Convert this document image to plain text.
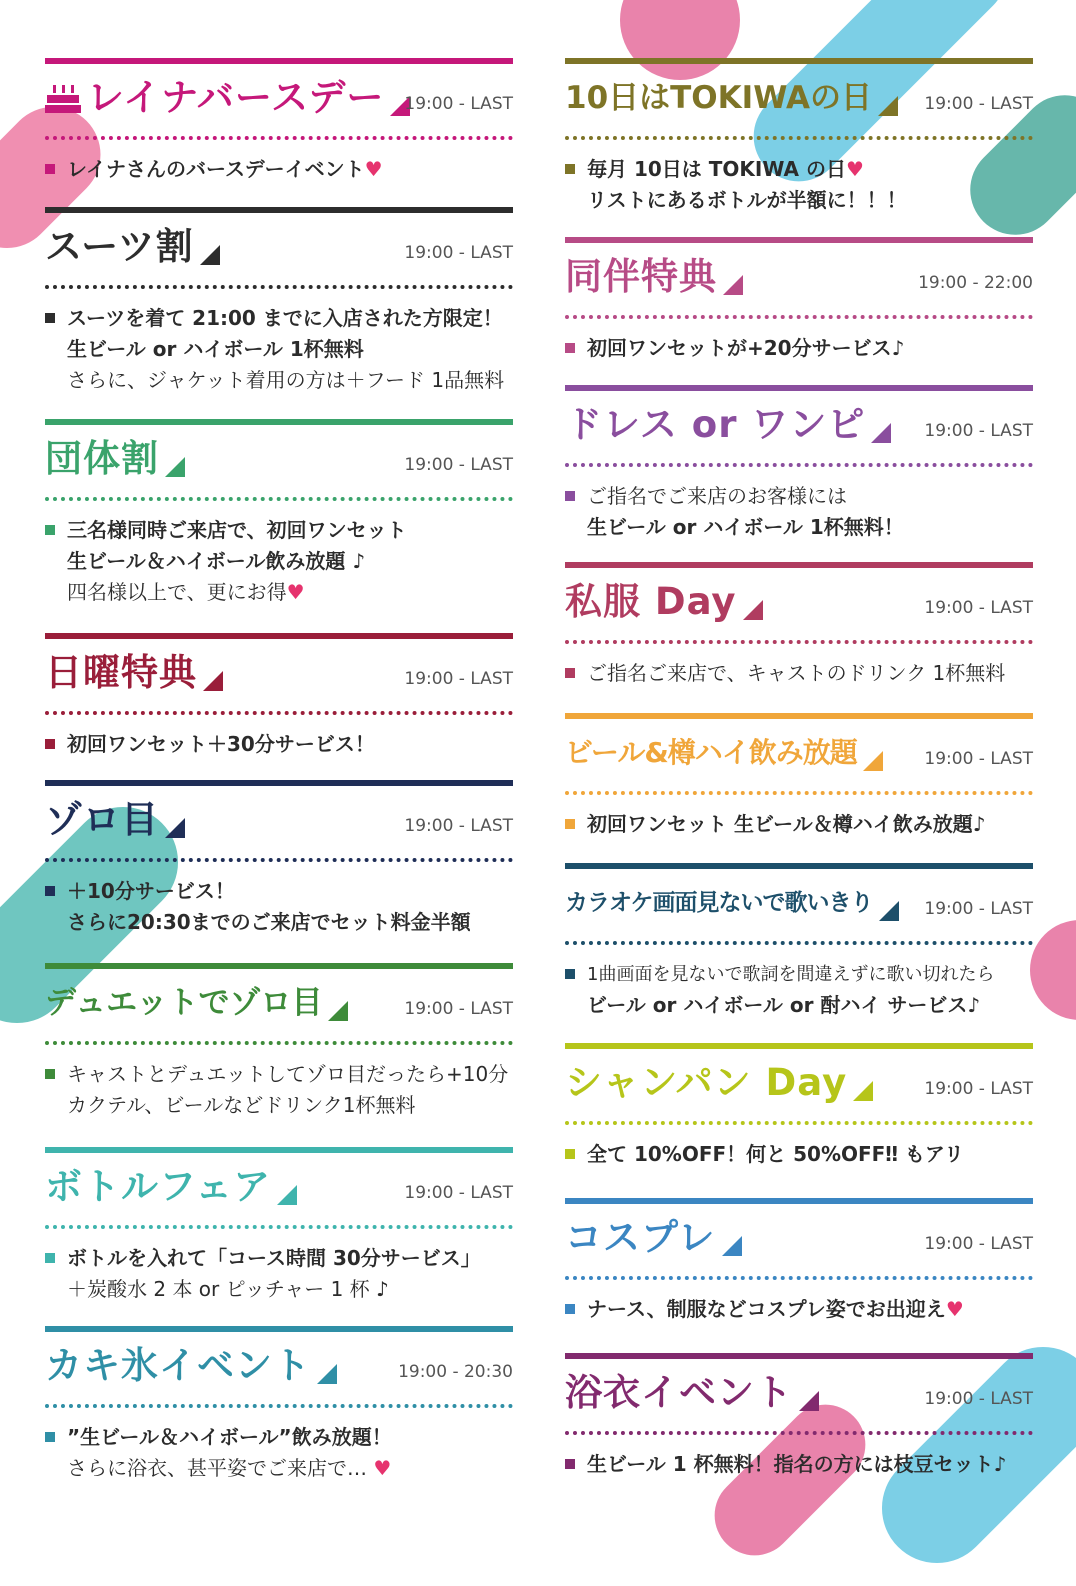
レイナバースデー 19:00 - LAST
レイナさんのバースデーイベント♥
スーツ割	19:00 - LAST
スーツを着て 21:00 までに入店された方限定！
生ビール or ハイボール 1杯無料
さらに、ジャケット着用の方は＋フード 1品無料
団体割	19:00 - LAST
三名様同時ご来店で、初回ワンセット
生ビール＆ハイボール飲み放題 ♪
四名様以上で、更にお得♥
日曜特典	19:00 - LAST
初回ワンセット＋30分サービス！
ゾロ目	19:00 - LAST
＋10分サービス！
さらに20:30までのご来店でセット料金半額
デュエットでゾロ目	19:00 - LAST
キャストとデュエットしてゾロ目だったら+10分
カクテル、ビールなどドリンク1杯無料
ボトルフェア	19:00 - LAST
ボトルを入れて「コース時間 30分サービス」
＋炭酸水 2 本 or ピッチャー 1 杯 ♪
カキ氷イベント	19:00 - 20:30
”生ビール＆ハイボール”飲み放題！
さらに浴衣、甚平姿でご来店で… ♥
10日はTOKIWAの日	19:00 - LAST
毎月 10日は TOKIWA の日♥
リストにあるボトルが半額に！！！
同伴特典	19:00 - 22:00
初回ワンセットが+20分サービス♪
ドレス or ワンピ	19:00 - LAST
ご指名でご来店のお客様には
生ビール or ハイボール 1杯無料！
私服 Day	19:00 - LAST
ご指名ご来店で、キャストのドリンク 1杯無料
ビール&樽ハイ飲み放題	19:00 - LAST
初回ワンセット 生ビール＆樽ハイ飲み放題♪
カラオケ画面見ないで歌いきり	19:00 - LAST
1曲画面を見ないで歌詞を間違えずに歌い切れたら
ビール or ハイボール or 酎ハイ サービス♪
シャンパン Day	19:00 - LAST
全て 10%OFF！何と 50%OFF‼ もアリ
コスプレ	19:00 - LAST
ナース、制服などコスプレ姿でお出迎え♥
浴衣イベント	19:00 - LAST
生ビール 1 杯無料！指名の方には枝豆セット♪
